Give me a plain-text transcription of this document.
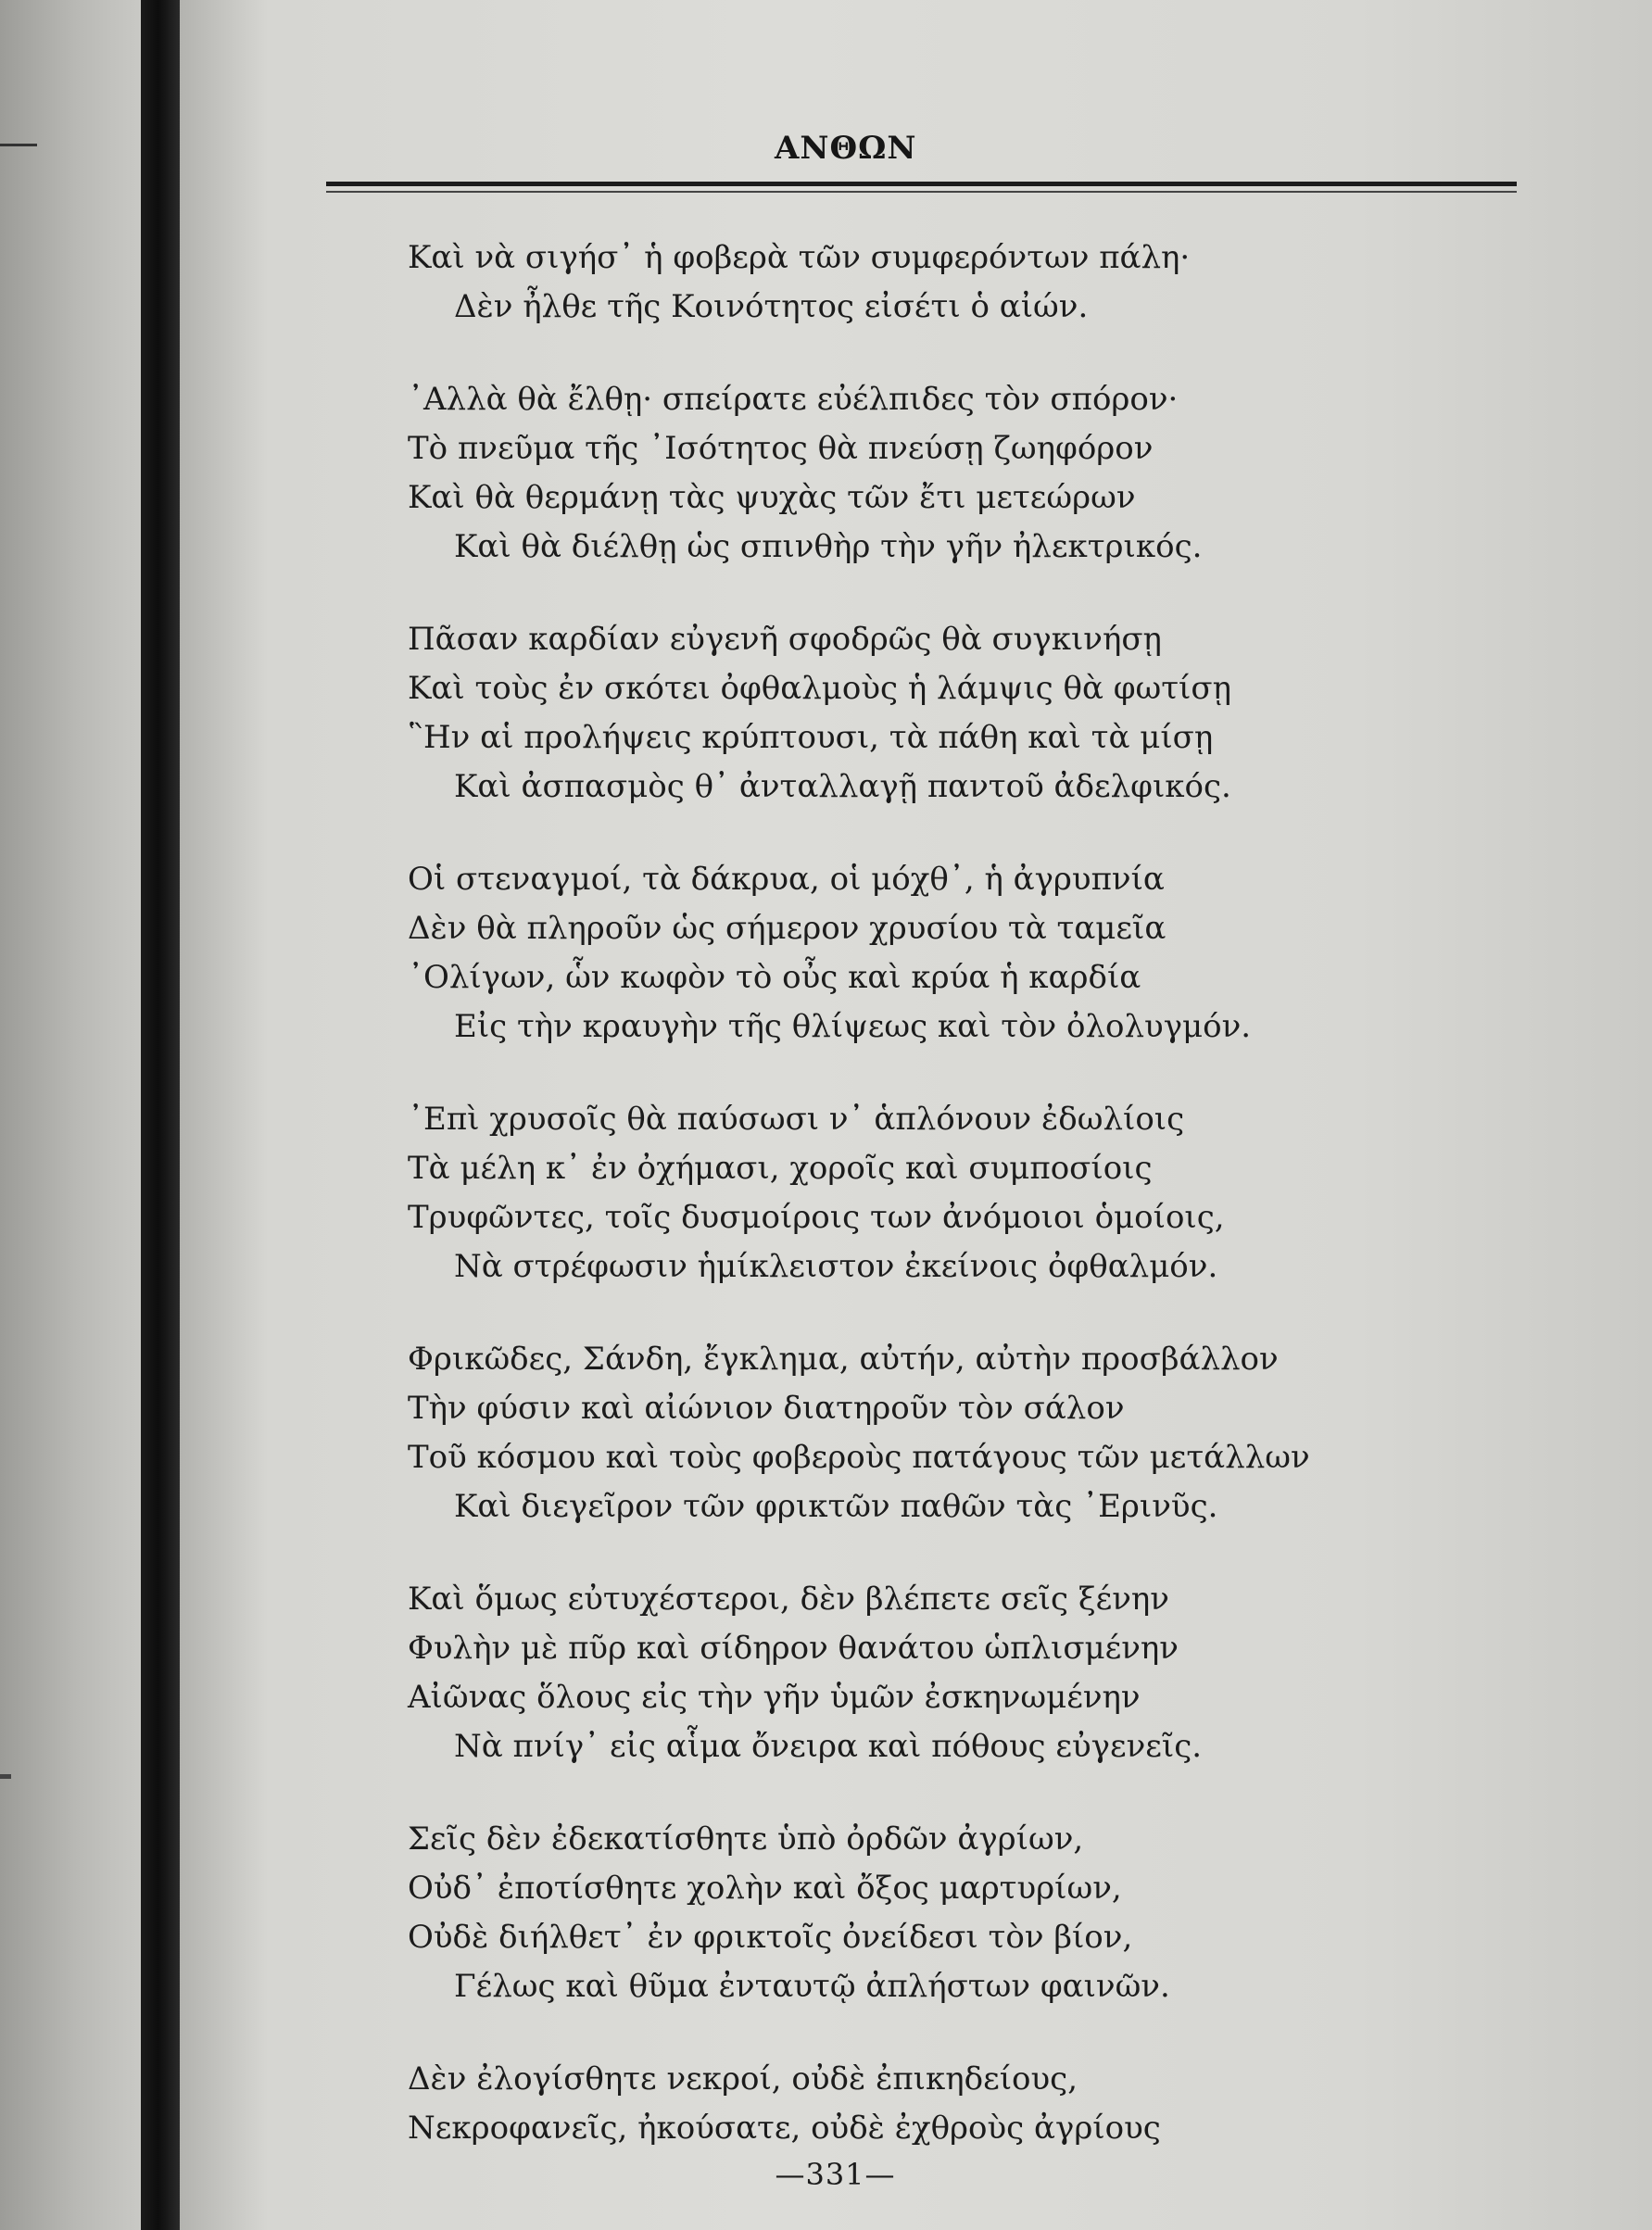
ΑΝΘΩΝ
Καὶ νὰ σιγήσ᾽ ἡ φοβερὰ τῶν συμφερόντων πάλη·
Δὲν ἦλθε τῆς Κοινότητος εἰσέτι ὁ αἰών.
᾽Αλλὰ θὰ ἔλθῃ· σπείρατε εὐέλπιδες τὸν σπόρον·
Τὸ πνεῦμα τῆς ᾽Ισότητος θὰ πνεύσῃ ζωηφόρον
Καὶ θὰ θερμάνῃ τὰς ψυχὰς τῶν ἔτι μετεώρων
Καὶ θὰ διέλθῃ ὡς σπινθὴρ τὴν γῆν ἠλεκτρικός.
Πᾶσαν καρδίαν εὐγενῆ σφοδρῶς θὰ συγκινήσῃ
Καὶ τοὺς ἐν σκότει ὀφθαλμοὺς ἡ λάμψις θὰ φωτίσῃ
῝Ην αἱ προλήψεις κρύπτουσι, τὰ πάθη καὶ τὰ μίσῃ
Καὶ ἀσπασμὸς θ᾽ ἀνταλλαγῇ παντοῦ ἀδελφικός.
Οἱ στεναγμοί, τὰ δάκρυα, οἱ μόχθ᾽, ἡ ἀγρυπνία
Δὲν θὰ πληροῦν ὡς σήμερον χρυσίου τὰ ταμεῖα
᾽Ολίγων, ὧν κωφὸν τὸ οὖς καὶ κρύα ἡ καρδία
Εἰς τὴν κραυγὴν τῆς θλίψεως καὶ τὸν ὀλολυγμόν.
᾽Επὶ χρυσοῖς θὰ παύσωσι ν᾽ ἁπλόνουν ἐδωλίοις
Τὰ μέλη κ᾽ ἐν ὀχήμασι, χοροῖς καὶ συμποσίοις
Τρυφῶντες, τοῖς δυσμοίροις των ἀνόμοιοι ὁμοίοις,
Νὰ στρέφωσιν ἡμίκλειστον ἐκείνοις ὀφθαλμόν.
Φρικῶδες, Σάνδη, ἔγκλημα, αὐτήν, αὐτὴν προσβάλλον
Τὴν φύσιν καὶ αἰώνιον διατηροῦν τὸν σάλον
Τοῦ κόσμου καὶ τοὺς φοβεροὺς πατάγους τῶν μετάλλων
Καὶ διεγεῖρον τῶν φρικτῶν παθῶν τὰς ᾽Ερινῦς.
Καὶ ὅμως εὐτυχέστεροι, δὲν βλέπετε σεῖς ξένην
Φυλὴν μὲ πῦρ καὶ σίδηρον θανάτου ὡπλισμένην
Αἰῶνας ὅλους εἰς τὴν γῆν ὑμῶν ἐσκηνωμένην
Νὰ πνίγ᾽ εἰς αἷμα ὄνειρα καὶ πόθους εὐγενεῖς.
Σεῖς δὲν ἐδεκατίσθητε ὑπὸ ὀρδῶν ἀγρίων,
Οὐδ᾽ ἐποτίσθητε χολὴν καὶ ὄξος μαρτυρίων,
Οὐδὲ διήλθετ᾽ ἐν φρικτοῖς ὀνείδεσι τὸν βίον,
Γέλως καὶ θῦμα ἐνταυτῷ ἀπλήστων φαινῶν.
Δὲν ἐλογίσθητε νεκροί, οὐδὲ ἐπικηδείους,
Νεκροφανεῖς, ἠκούσατε, οὐδὲ ἐχθροὺς ἀγρίους
—331—
